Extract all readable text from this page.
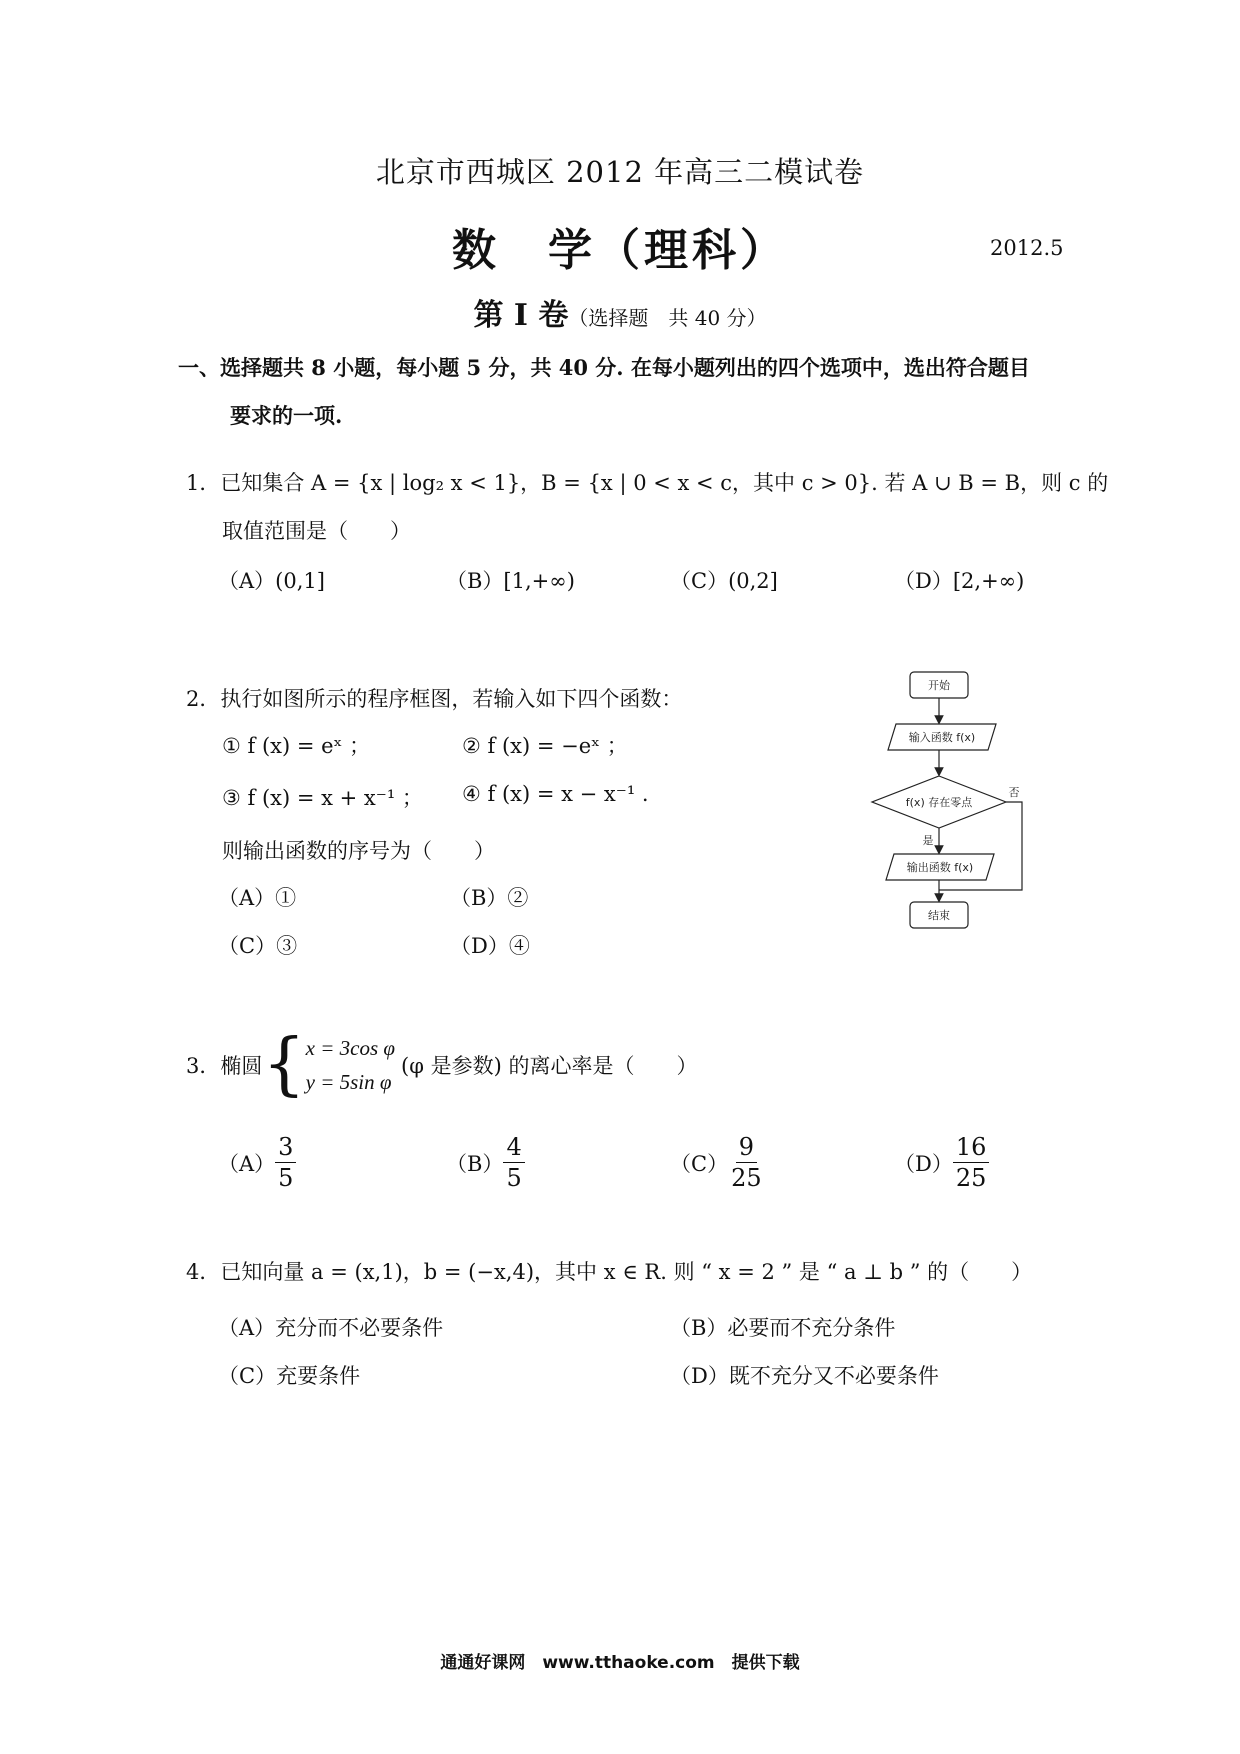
北京市西城区 2012 年高三二模试卷
数　学（理科）	2012.5
第 I 卷（选择题　共 40 分）
一、选择题共 8 小题，每小题 5 分，共 40 分. 在每小题列出的四个选项中，选出符合题目
要求的一项.
1．已知集合 A = {x | log₂ x < 1}，B = {x | 0 < x < c，其中 c > 0}. 若 A ∪ B = B，则 c 的
取值范围是（　　）
（A）(0,1]	（B）[1,+∞)	（C）(0,2]	（D）[2,+∞)
2．执行如图所示的程序框图，若输入如下四个函数：
① f (x) = eˣ ；	② f (x) = −eˣ ；
③ f (x) = x + x⁻¹ ； ④ f (x) = x − x⁻¹ .
则输出函数的序号为（　　）
（A）①	（B）②
（C）③	（D）④
开始
输入函数 f(x)
f(x) 存在零点
输出函数 f(x)
结束
否
是
3．椭圆 { x = 3cos φ
y = 5sin φ
(φ 是参数) 的离心率是（　　）
$(A) \frac{3}{5}$	$(B) \frac{4}{5}$	$(C) \frac{9}{25}$	$(D) \frac{16}{25}$
4．已知向量 a = (x,1)，b = (−x,4)，其中 x ∈ R. 则 “ x = 2 ” 是 “ a ⊥ b ” 的（　　）
（A）充分而不必要条件	（B）必要而不充分条件
（C）充要条件	（D）既不充分又不必要条件
通通好课网　www.tthaoke.com　提供下载
